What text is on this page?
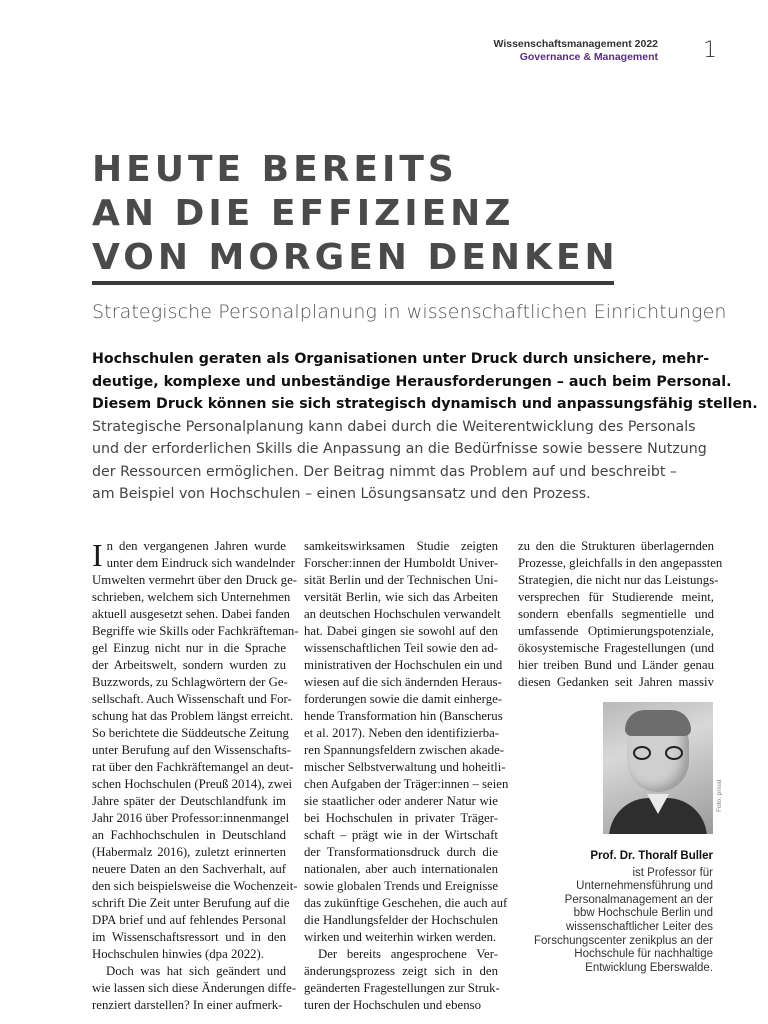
Wissenschaftsmanagement 2022
Governance & Management 1
HEUTE BEREITS
AN DIE EFFIZIENZ
VON MORGEN DENKEN
Strategische Personalplanung in wissenschaftlichen Einrichtungen
Hochschulen geraten als Organisationen unter Druck durch unsichere, mehr-
deutige, komplexe und unbeständige Herausforderungen – auch beim Personal.
Diesem Druck können sie sich strategisch dynamisch und anpassungsfähig stellen.
Strategische Personalplanung kann dabei durch die Weiterentwicklung des Personals
und der erforderlichen Skills die Anpassung an die Bedürfnisse sowie bessere Nutzung
der Ressourcen ermöglichen. Der Beitrag nimmt das Problem auf und beschreibt –
am Beispiel von Hochschulen – einen Lösungsansatz und den Prozess.
I n den vergangenen Jahren wurde
unter dem Eindruck sich wandelnder
Umwelten vermehrt über den Druck ge-
schrieben, welchem sich Unternehmen
aktuell ausgesetzt sehen. Dabei fanden
Begriffe wie Skills oder Fachkräfteman-
gel Einzug nicht nur in die Sprache
der Arbeitswelt, sondern wurden zu
Buzzwords, zu Schlagwörtern der Ge-
sellschaft. Auch Wissenschaft und For-
schung hat das Problem längst erreicht.
So berichtete die Süddeutsche Zeitung
unter Berufung auf den Wissenschafts-
rat über den Fachkräftemangel an deut-
schen Hochschulen (Preuß 2014), zwei
Jahre später der Deutschlandfunk im
Jahr 2016 über Professor:innenmangel
an Fachhochschulen in Deutschland
(Habermalz 2016), zuletzt erinnerten
neuere Daten an den Sachverhalt, auf
den sich beispielsweise die Wochenzeit-
schrift Die Zeit unter Berufung auf die
DPA brief und auf fehlendes Personal
im Wissenschaftsressort und in den
Hochschulen hinwies (dpa 2022).
Doch was hat sich geändert und
wie lassen sich diese Änderungen diffe-
renziert darstellen? In einer aufmerk-
samkeitswirksamen Studie zeigten
Forscher:innen der Humboldt Univer-
sität Berlin und der Technischen Uni-
versität Berlin, wie sich das Arbeiten
an deutschen Hochschulen verwandelt
hat. Dabei gingen sie sowohl auf den
wissenschaftlichen Teil sowie den ad-
ministrativen der Hochschulen ein und
wiesen auf die sich ändernden Heraus-
forderungen sowie die damit einherge-
hende Transformation hin (Banscherus
et al. 2017). Neben den identifizierba-
ren Spannungsfeldern zwischen akade-
mischer Selbstverwaltung und hoheitli-
chen Aufgaben der Träger:innen – seien
sie staatlicher oder anderer Natur wie
bei Hochschulen in privater Träger-
schaft – prägt wie in der Wirtschaft
der Transformationsdruck durch die
nationalen, aber auch internationalen
sowie globalen Trends und Ereignisse
das zukünftige Geschehen, die auch auf
die Handlungsfelder der Hochschulen
wirken und weiterhin wirken werden.
Der bereits angesprochene Ver-
änderungsprozess zeigt sich in den
geänderten Fragestellungen zur Struk-
turen der Hochschulen und ebenso
zu den die Strukturen überlagernden
Prozesse, gleichfalls in den angepassten
Strategien, die nicht nur das Leistungs-
versprechen für Studierende meint,
sondern ebenfalls segmentielle und
umfassende Optimierungspotenziale,
ökosystemische Fragestellungen (und
hier treiben Bund und Länder genau
diesen Gedanken seit Jahren massiv
Foto: privat
Prof. Dr. Thoralf Buller
ist Professor für
Unternehmensführung und
Personalmanagement an der
bbw Hochschule Berlin und
wissenschaftlicher Leiter des
Forschungscenter zenikplus an der
Hochschule für nachhaltige
Entwicklung Eberswalde.
